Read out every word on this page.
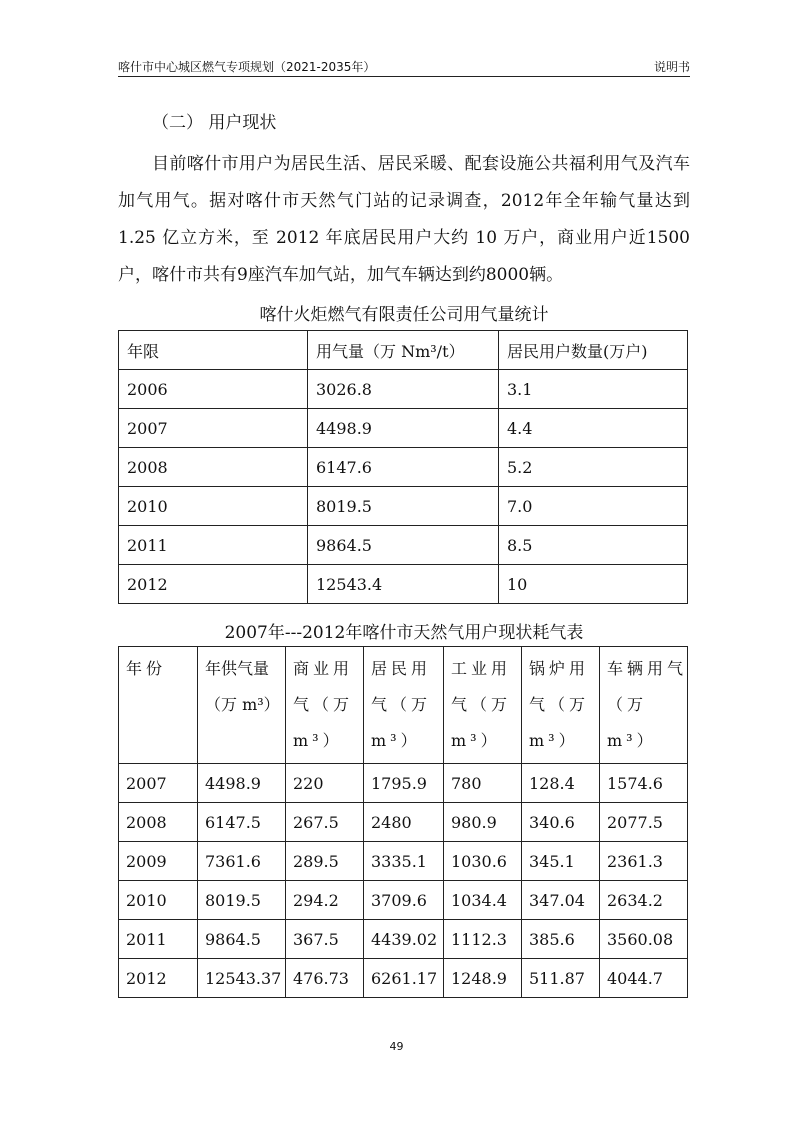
喀什市中心城区燃气专项规划（2021-2035年）	说明书
（二） 用户现状
目前喀什市用户为居民生活、居民采暖、配套设施公共福利用气及汽车加气用气。据对喀什市天然气门站的记录调查，2012年全年输气量达到 1.25 亿立方米，至 2012 年底居民用户大约 10 万户，商业用户近1500户，喀什市共有9座汽车加气站，加气车辆达到约8000辆。
喀什火炬燃气有限责任公司用气量统计
年限	用气量（万 Nm³/t）	居民用户数量(万户)
2006	3026.8	3.1
2007	4498.9	4.4
2008	6147.6	5.2
2010	8019.5	7.0
2011	9864.5	8.5
2012	12543.4	10
2007年---2012年喀什市天然气用户现状耗气表
年份	年供气量（万 m³）	商业用气（万 m³）	居民用气（万 m³）	工业用气（万 m³）	锅炉用气（万 m³）	车辆用气（万 m³）
2007	4498.9	220	1795.9	780	128.4	1574.6
2008	6147.5	267.5	2480	980.9	340.6	2077.5
2009	7361.6	289.5	3335.1	1030.6	345.1	2361.3
2010	8019.5	294.2	3709.6	1034.4	347.04	2634.2
2011	9864.5	367.5	4439.02	1112.3	385.6	3560.08
2012	12543.37	476.73	6261.17	1248.9	511.87	4044.7
49
